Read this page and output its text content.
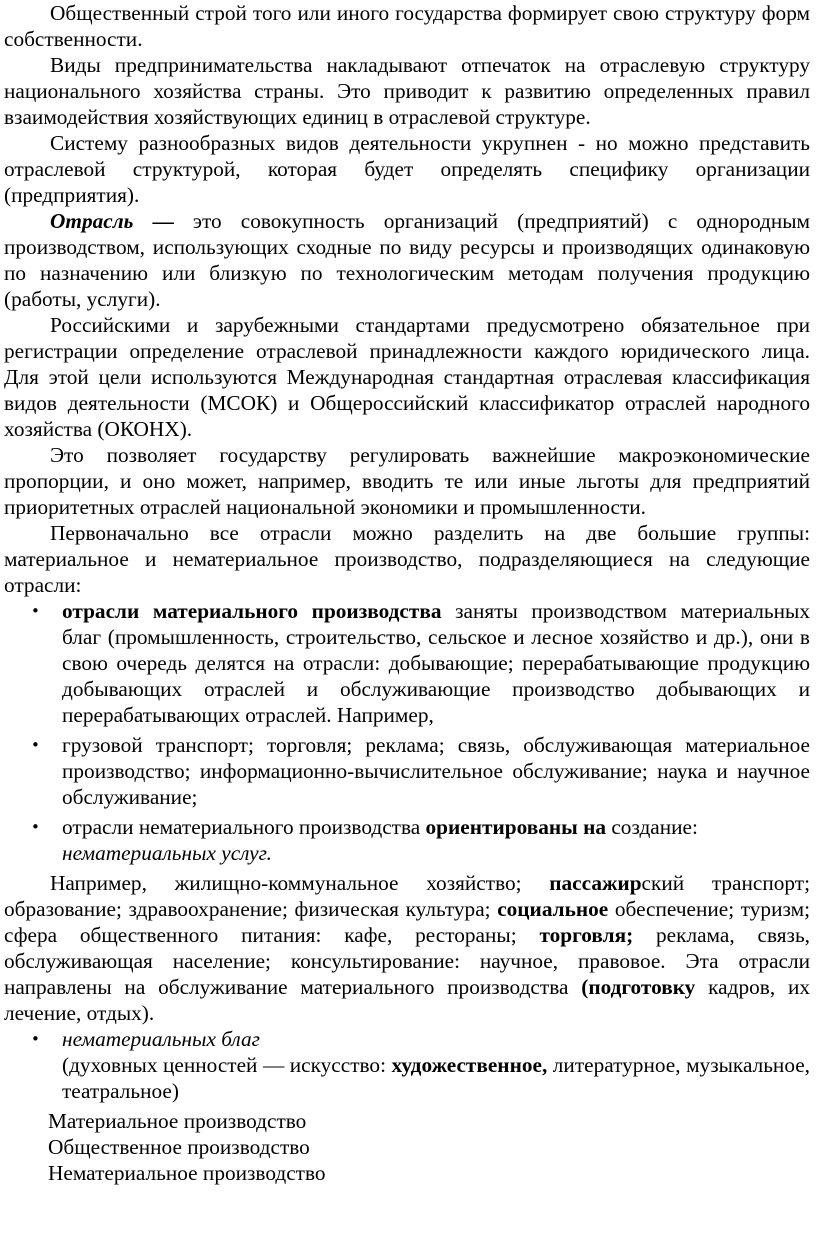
Общественный строй того или иного государства формирует свою структуру форм собственности.

Виды предпринимательства накладывают отпечаток на отраслевую структуру национального хозяйства страны. Это приводит к развитию определенных правил взаимодействия хозяйствующих единиц в отраслевой структуре.

Систему разнообразных видов деятельности укрупнен - но можно представить отраслевой структурой, которая будет определять специфику организации (предприятия).

Отрасль — это совокупность организаций (предприятий) с однородным производством, использующих сходные по виду ресурсы и производящих одинаковую по назначению или близкую по технологическим методам получения продукцию (работы, услуги).

Российскими и зарубежными стандартами предусмотрено обязательное при регистрации определение отраслевой принадлежности каждого юридического лица. Для этой цели используются Международная стандартная отраслевая классификация видов деятельности (МСОК) и Общероссийский классификатор отраслей народного хозяйства (ОКОНХ).

Это позволяет государству регулировать важнейшие макроэкономические пропорции, и оно может, например, вводить те или иные льготы для предприятий приоритетных отраслей национальной экономики и промышленности.

Первоначально все отрасли можно разделить на две большие группы: материальное и нематериальное производство, подразделяющиеся на следующие отрасли:

• отрасли материального производства заняты производством материальных благ (промышленность, строительство, сельское и лесное хозяйство и др.), они в свою очередь делятся на отрасли: добывающие; перерабатывающие продукцию добывающих отраслей и обслуживающие производство добывающих и перерабатывающих отраслей. Например,
• грузовой транспорт; торговля; реклама; связь, обслуживающая материальное производство; информационно-вычислительное обслуживание; наука и научное обслуживание;
• отрасли нематериального производства ориентированы на создание:
нематериальных услуг.

Например, жилищно-коммунальное хозяйство; пассажирский транспорт; образование; здравоохранение; физическая культура; социальное обеспечение; туризм; сфера общественного питания: кафе, рестораны; торговля; реклама, связь, обслуживающая население; консультирование: научное, правовое. Эта отрасли направлены на обслуживание материального производства (подготовку кадров, их лечение, отдых).

• нематериальных благ
(духовных ценностей — искусство: художественное, литературное, музыкальное, театральное)
Материальное производство
Общественное производство
Нематериальное производство
